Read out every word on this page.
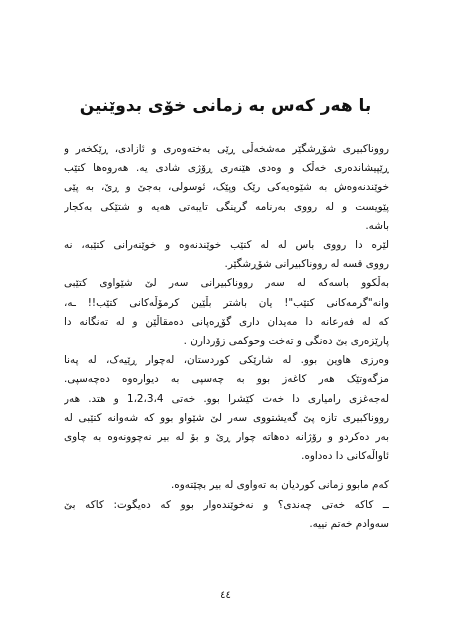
با هەر کەس بە زمانی خۆی بدوێنین

رووناکبیری شۆڕشگێر مەشخەڵی ڕێی بەختەوەری و ئازادی، ڕێکخەر و
ڕێپیشاندەری خەڵک و وەدی هێنەری ڕۆژی شادی یە. هەروەها کتێب
خوێندنەوەش بە شێوەیەکی رێک وپێک، ئوسولی، بەجێ و ڕێ، بە پێی
پێویست و لە رووی بەرنامە گرینگی تایبەتی هەیە و شتێکی بەکجار
باشە.

لێرە دا رووی باس لە لە کتێب خوێندنەوە و خوێنەرانی کتێبە، نە
رووی قسە لە رووناکبیرانی شۆڕشگێر.

بەڵکوو باسەکە لە سەر رووناکبیرانی سەر لێ شێواوی کتێبی
وانە"گرمەکانی کتێب"! یان باشتر بڵێین کرمۆڵەکانی کتێب!! ـە،
کە لە فەرعانە دا مەیدان داری گۆڕەپانی دەمقاڵێن و لە تەنگانە دا
پارێزەری بێ دەنگی و تەخت وحوکمی زۆردارن .

وەرزی هاوین بوو. لە شارێکی کوردستان، لەچوار ڕێیەک، لە پەنا
مزگەوتێک هەر کاغەز بوو بە چەسپی بە دیوارەوە دەچەسپی.
لەجەغزی رامیاری دا خەت کێشرا بوو. خەتی 1،2،3،4 و هتد. هەر
رووناکبیری تازە پێ گەیشتووی سەر لێ شێواو بوو کە شەوانە کتێبی لە
بەر دەکردو و رۆژانە دەهاتە چوار ڕێ و بۆ لە بیر نەچوونەوە بە چاوی
ئاواڵەکانی دا دەداوە.

کەم مابوو زمانی کوردیان بە تەواوی لە بیر بچێتەوە.

ــ کاکە خەتی چەندی؟ و نەخوێندەوار بوو کە دەیگوت: کاکە بێ
سەوادم خەتم نییە.

٤٤
